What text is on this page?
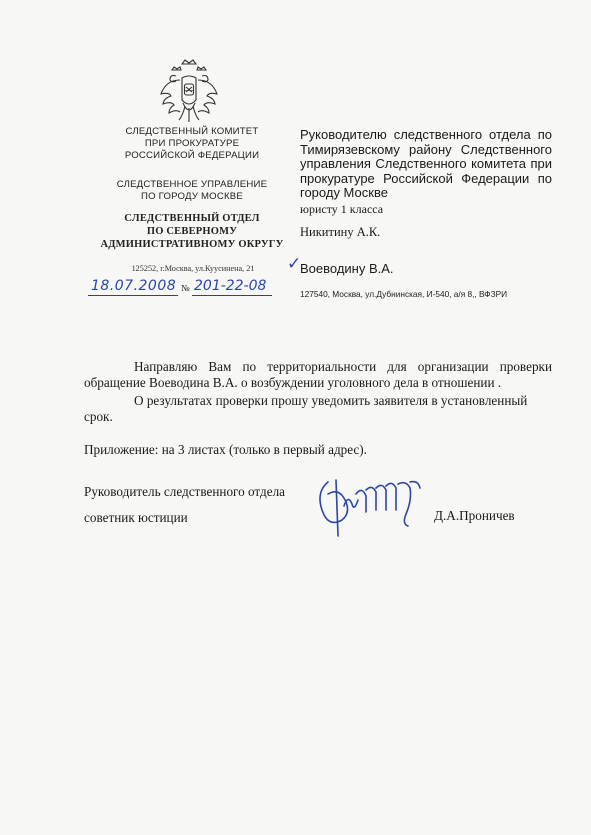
СЛЕДСТВЕННЫЙ КОМИТЕТ
ПРИ ПРОКУРАТУРЕ
РОССИЙСКОЙ ФЕДЕРАЦИИ
СЛЕДСТВЕННОЕ УПРАВЛЕНИЕ
ПО ГОРОДУ МОСКВЕ
СЛЕДСТВЕННЫЙ ОТДЕЛ
ПО СЕВЕРНОМУ
АДМИНИСТРАТИВНОМУ ОКРУГУ
125252, г.Москва, ул.Куусинена, 21
18.07.2008 № 201-22-08
Руководителю следственного отдела по Тимирязевскому району Следственного управления Следственного комитета при прокуратуре Российской Федерации по городу Москве
юристу 1 класса
Никитину А.К.
✓
Воеводину В.А.
127540, Москва, ул.Дубнинская, И-540, а/я 8,, ВФЗРИ
Направляю Вам по территориальности для организации проверки обращение Воеводина В.А. о возбуждении уголовного дела в отношении .
О результатах проверки прошу уведомить заявителя в установленный срок.
Приложение: на 3 листах (только в первый адрес).
Руководитель следственного отдела
советник юстиции	Д.А.Проничев
